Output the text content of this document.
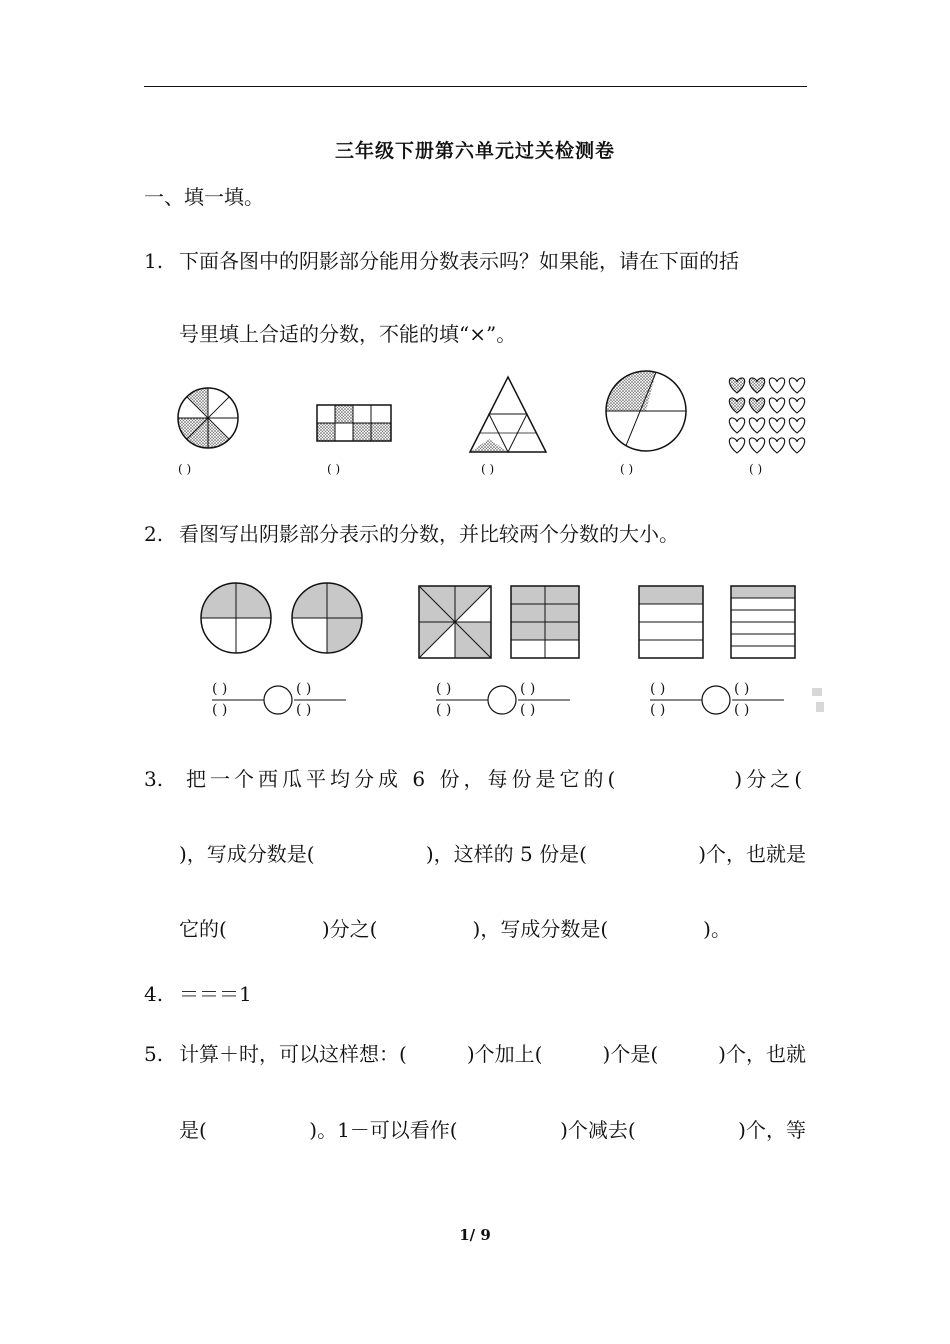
三年级下册第六单元过关检测卷
一、填一填。
1. 下面各图中的阴影部分能用分数表示吗？如果能，请在下面的括
号里填上合适的分数，不能的填“×”。
( )	( )	( )	( )	( )
2. 看图写出阴影部分表示的分数，并比较两个分数的大小。
( )
( )
( )
( )
( )
( )
( )
( )
( )
( )
( )
( )
3. 把一个西瓜平均分成 6 份，每份是它的(	)分之(
)，写成分数是(	)，这样的 5 份是(	)个，也就是
它的(	)分之(	)，写成分数是(	)。
4. ＝＝＝1
5. 计算＋时，可以这样想：(	)个加上(	)个是(	)个，也就
是(	)。1－可以看作(	)个减去(	)个，等
1/ 9
